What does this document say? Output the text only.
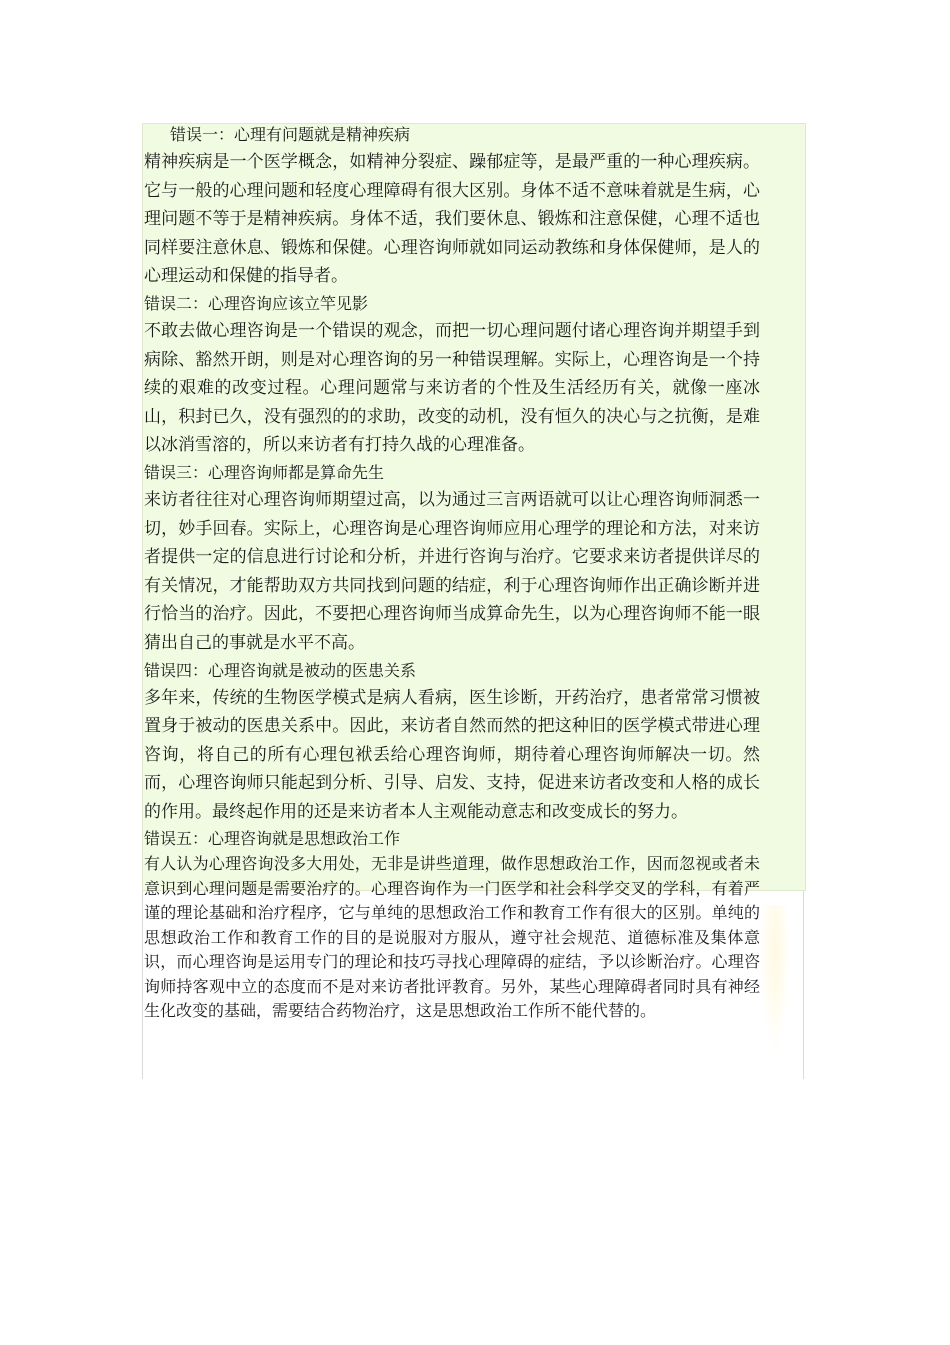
错误一：心理有问题就是精神疾病

精神疾病是一个医学概念，如精神分裂症、躁郁症等，是最严重的一种心理疾病。它与一般的心理问题和轻度心理障碍有很大区别。身体不适不意味着就是生病，心理问题不等于是精神疾病。身体不适，我们要休息、锻炼和注意保健，心理不适也同样要注意休息、锻炼和保健。心理咨询师就如同运动教练和身体保健师，是人的心理运动和保健的指导者。

错误二：心理咨询应该立竿见影

不敢去做心理咨询是一个错误的观念，而把一切心理问题付诸心理咨询并期望手到病除、豁然开朗，则是对心理咨询的另一种错误理解。实际上，心理咨询是一个持续的艰难的改变过程。心理问题常与来访者的个性及生活经历有关，就像一座冰山，积封已久，没有强烈的的求助，改变的动机，没有恒久的决心与之抗衡，是难以冰消雪溶的，所以来访者有打持久战的心理准备。

错误三：心理咨询师都是算命先生

来访者往往对心理咨询师期望过高，以为通过三言两语就可以让心理咨询师洞悉一切，妙手回春。实际上，心理咨询是心理咨询师应用心理学的理论和方法，对来访者提供一定的信息进行讨论和分析，并进行咨询与治疗。它要求来访者提供详尽的有关情况，才能帮助双方共同找到问题的结症，利于心理咨询师作出正确诊断并进行恰当的治疗。因此，不要把心理咨询师当成算命先生，以为心理咨询师不能一眼猜出自己的事就是水平不高。

错误四：心理咨询就是被动的医患关系

多年来，传统的生物医学模式是病人看病，医生诊断，开药治疗，患者常常习惯被置身于被动的医患关系中。因此，来访者自然而然的把这种旧的医学模式带进心理咨询，将自己的所有心理包袱丢给心理咨询师，期待着心理咨询师解决一切。然而，心理咨询师只能起到分析、引导、启发、支持，促进来访者改变和人格的成长的作用。最终起作用的还是来访者本人主观能动意志和改变成长的努力。

错误五：心理咨询就是思想政治工作

有人认为心理咨询没多大用处，无非是讲些道理，做作思想政治工作，因而忽视或者未意识到心理问题是需要治疗的。心理咨询作为一门医学和社会科学交叉的学科，有着严谨的理论基础和治疗程序，它与单纯的思想政治工作和教育工作有很大的区别。单纯的思想政治工作和教育工作的目的是说服对方服从，遵守社会规范、道德标准及集体意识，而心理咨询是运用专门的理论和技巧寻找心理障碍的症结，予以诊断治疗。心理咨询师持客观中立的态度而不是对来访者批评教育。另外，某些心理障碍者同时具有神经生化改变的基础，需要结合药物治疗，这是思想政治工作所不能代替的。
